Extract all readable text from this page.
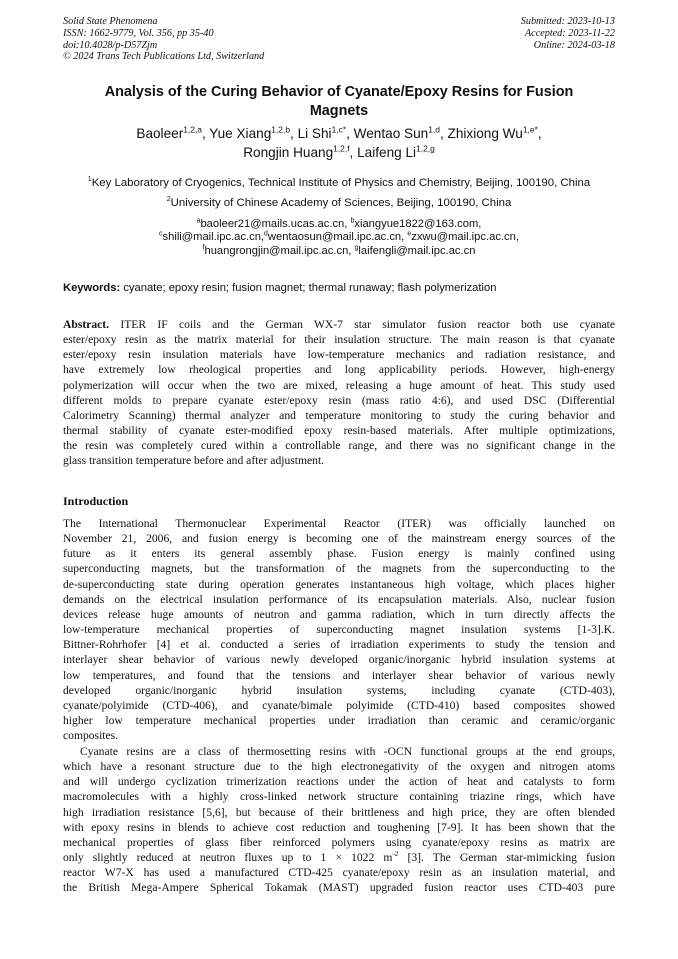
Solid State Phenomena
ISSN: 1662-9779, Vol. 356, pp 35-40
doi:10.4028/p-D57Zjm
© 2024 Trans Tech Publications Ltd, Switzerland
Submitted: 2023-10-13
Accepted: 2023-11-22
Online: 2024-03-18
Analysis of the Curing Behavior of Cyanate/Epoxy Resins for Fusion
Magnets
Baoleer$^{1,2,a}$, Yue Xiang$^{1,2,b}$, Li Shi$^{1,c*}$, Wentao Sun$^{1,d}$, Zhixiong $Wu^{1,e*}$,
Rongjin Huang$^{1,2,f}$, Laifeng Li$^{1,2,g}$
$^1$Key Laboratory of Cryogenics, Technical Institute of Physics and Chemistry, Beijing, 100190, China
$^2$University of Chinese Academy of Sciences, Beijing, 100190, China
$^a$baoleer21@mails.ucas.ac.cn, $^b$xiangyue1822@163.com,
$^c$shili@mail.ipc.ac.cn,$^d$wentaosun@mail.ipc.ac.cn, $^e$zxwu@mail.ipc.ac.cn,
$^f$huangrongjin@mail.ipc.ac.cn, $^g$laifengli@mail.ipc.ac.cn
Keywords: cyanate; epoxy resin; fusion magnet; thermal runaway; flash polymerization
Abstract. ITER IF coils and the German WX-7 star simulator fusion reactor both use cyanate
ester/epoxy resin as the matrix material for their insulation structure. The main reason is that cyanate
ester/epoxy resin insulation materials have low-temperature mechanics and radiation resistance, and
have extremely low rheological properties and long applicability periods. However, high-energy
polymerization will occur when the two are mixed, releasing a huge amount of heat. This study used
different molds to prepare cyanate ester/epoxy resin (mass ratio 4:6), and used DSC (Differential
Calorimetry Scanning) thermal analyzer and temperature monitoring to study the curing behavior and
thermal stability of cyanate ester-modified epoxy resin-based materials. After multiple optimizations,
the resin was completely cured within a controllable range, and there was no significant change in the
glass transition temperature before and after adjustment.
Introduction
The International Thermonuclear Experimental Reactor (ITER) was officially launched on
November 21, 2006, and fusion energy is becoming one of the mainstream energy sources of the
future as it enters its general assembly phase. Fusion energy is mainly confined using
superconducting magnets, but the transformation of the magnets from the superconducting to the
de-superconducting state during operation generates instantaneous high voltage, which places higher
demands on the electrical insulation performance of its encapsulation materials. Also, nuclear fusion
devices release huge amounts of neutron and gamma radiation, which in turn directly affects the
low-temperature mechanical properties of superconducting magnet insulation systems [1-3].K.
Bittner-Rohrhofer [4] et al. conducted a series of irradiation experiments to study the tension and
interlayer shear behavior of various newly developed organic/inorganic hybrid insulation systems at
low temperatures, and found that the tensions and interlayer shear behavior of various newly
developed organic/inorganic hybrid insulation systems, including cyanate (CTD-403),
cyanate/polyimide (CTD-406), and cyanate/bimale polyimide (CTD-410) based composites showed
higher low temperature mechanical properties under irradiation than ceramic and ceramic/organic
composites.
Cyanate resins are a class of thermosetting resins with -OCN functional groups at the end groups,
which have a resonant structure due to the high electronegativity of the oxygen and nitrogen atoms
and will undergo cyclization trimerization reactions under the action of heat and catalysts to form
macromolecules with a highly cross-linked network structure containing triazine rings, which have
high irradiation resistance [5,6], but because of their brittleness and high price, they are often blended
with epoxy resins in blends to achieve cost reduction and toughening [7-9]. It has been shown that the
mechanical properties of glass fiber reinforced polymers using cyanate/epoxy resins as matrix are
only slightly reduced at neutron fluxes up to 1 × 1022 $m^{-2}$ [3]. The German star-mimicking fusion
reactor W7-X has used a manufactured CTD-425 cyanate/epoxy resin as an insulation material, and
the British Mega-Ampere Spherical Tokamak (MAST) upgraded fusion reactor uses CTD-403 pure
